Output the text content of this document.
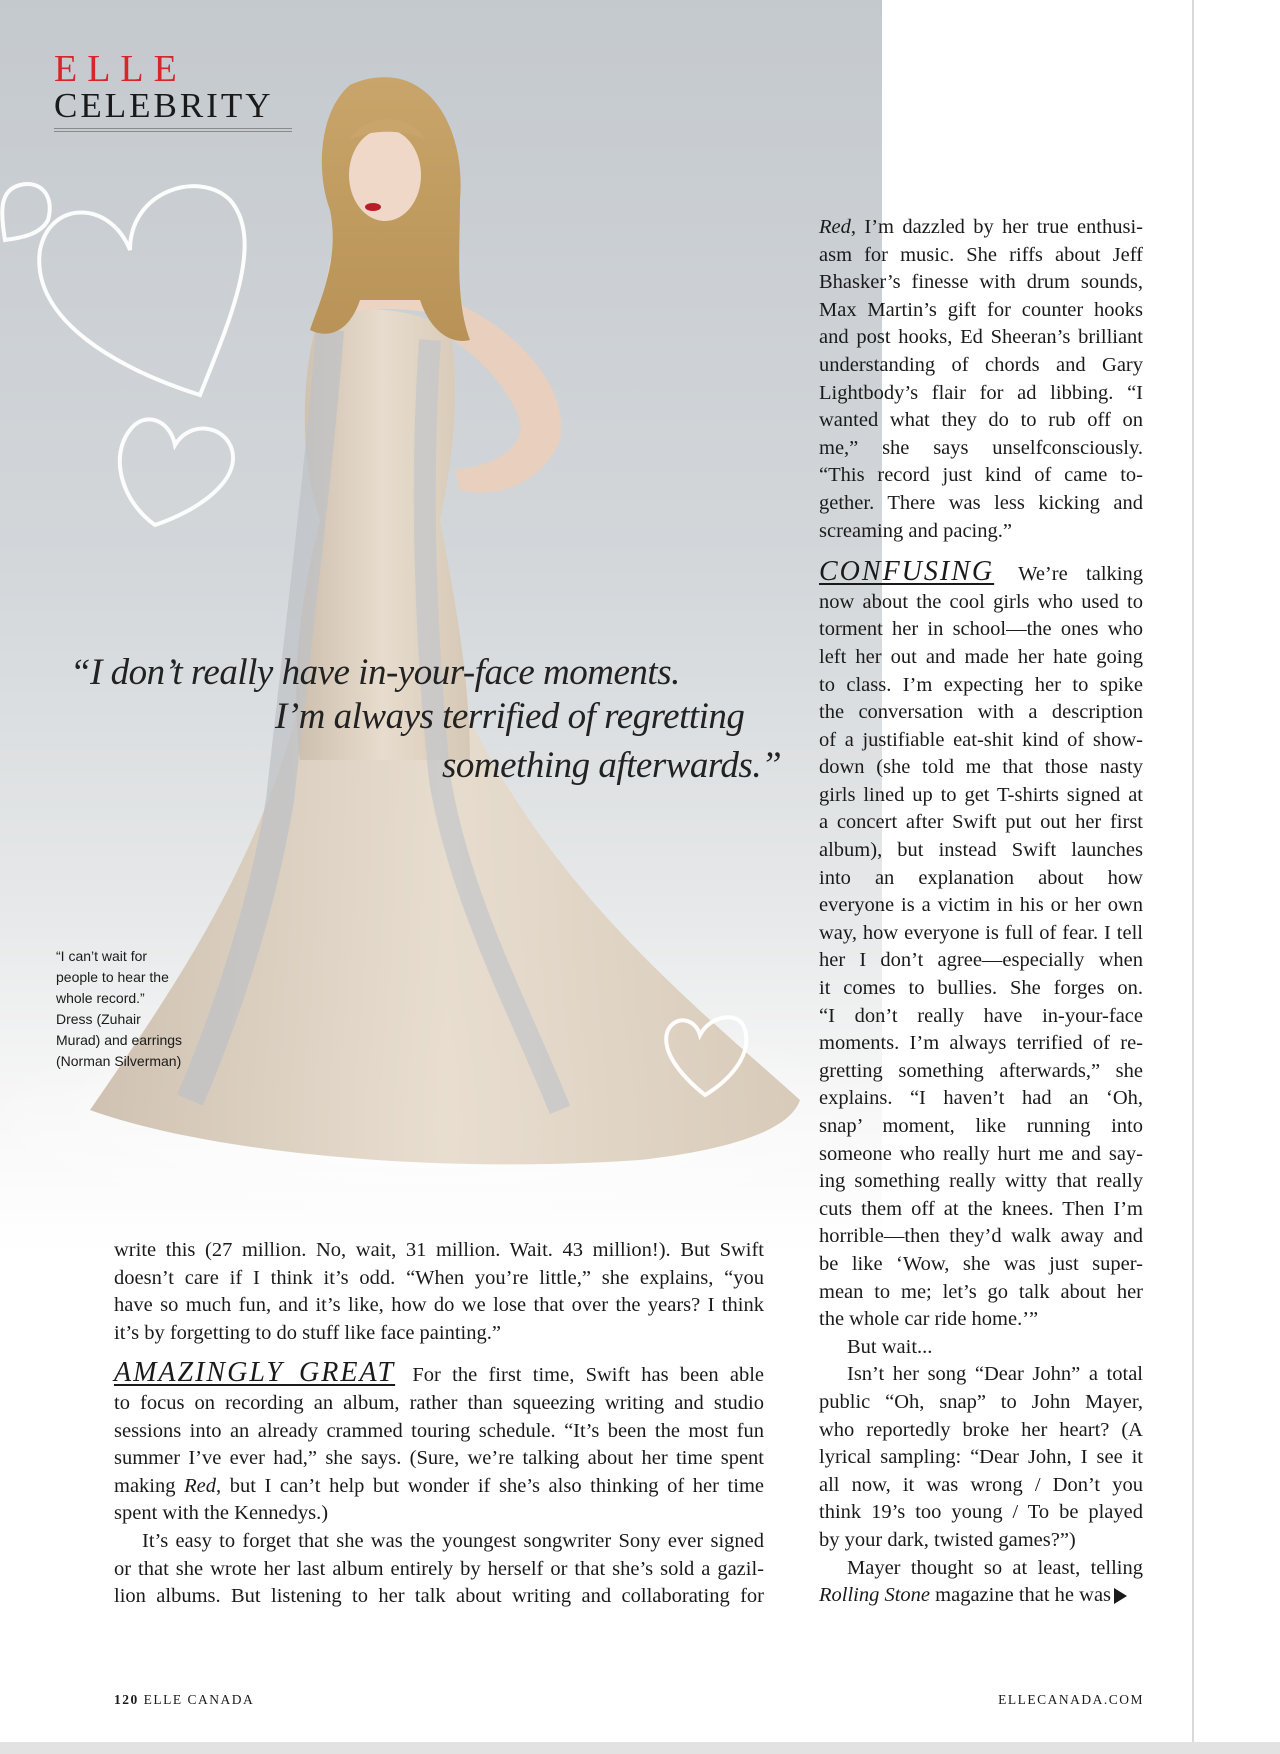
ELLE
CELEBRITY
“I don’t really have in-your-face moments.
I’m always terrified of regretting
something afterwards.”
“I can’t wait for
people to hear the
whole record.”
Dress (Zuhair
Murad) and earrings
(Norman Silverman)
write this (27 million. No, wait, 31 million. Wait. 43 million!). But Swift
doesn’t care if I think it’s odd. “When you’re little,” she explains, “you
have so much fun, and it’s like, how do we lose that over the years? I think
it’s by forgetting to do stuff like face painting.”
AMAZINGLY GREAT For the first time, Swift has been able
to focus on recording an album, rather than squeezing writing and studio
sessions into an already crammed touring schedule. “It’s been the most fun
summer I’ve ever had,” she says. (Sure, we’re talking about her time spent
making Red, but I can’t help but wonder if she’s also thinking of her time
spent with the Kennedys.)
It’s easy to forget that she was the youngest songwriter Sony ever signed
or that she wrote her last album entirely by herself or that she’s sold a gazil-
lion albums. But listening to her talk about writing and collaborating for
Red, I’m dazzled by her true enthusi-
asm for music. She riffs about Jeff
Bhasker’s finesse with drum sounds,
Max Martin’s gift for counter hooks
and post hooks, Ed Sheeran’s brilliant
understanding of chords and Gary
Lightbody’s flair for ad libbing. “I
wanted what they do to rub off on
me,” she says unselfconsciously.
“This record just kind of came to-
gether. There was less kicking and
screaming and pacing.”
CONFUSING We’re talking
now about the cool girls who used to
torment her in school—the ones who
left her out and made her hate going
to class. I’m expecting her to spike
the conversation with a description
of a justifiable eat-shit kind of show-
down (she told me that those nasty
girls lined up to get T-shirts signed at
a concert after Swift put out her first
album), but instead Swift launches
into an explanation about how
everyone is a victim in his or her own
way, how everyone is full of fear. I tell
her I don’t agree—especially when
it comes to bullies. She forges on.
“I don’t really have in-your-face
moments. I’m always terrified of re-
gretting something afterwards,” she
explains. “I haven’t had an ‘Oh,
snap’ moment, like running into
someone who really hurt me and say-
ing something really witty that really
cuts them off at the knees. Then I’m
horrible—then they’d walk away and
be like ‘Wow, she was just super-
mean to me; let’s go talk about her
the whole car ride home.’”
But wait...
Isn’t her song “Dear John” a total
public “Oh, snap” to John Mayer,
who reportedly broke her heart? (A
lyrical sampling: “Dear John, I see it
all now, it was wrong / Don’t you
think 19’s too young / To be played
by your dark, twisted games?”)
Mayer thought so at least, telling
Rolling Stone magazine that he was
120 ELLE CANADA	ELLECANADA.COM
